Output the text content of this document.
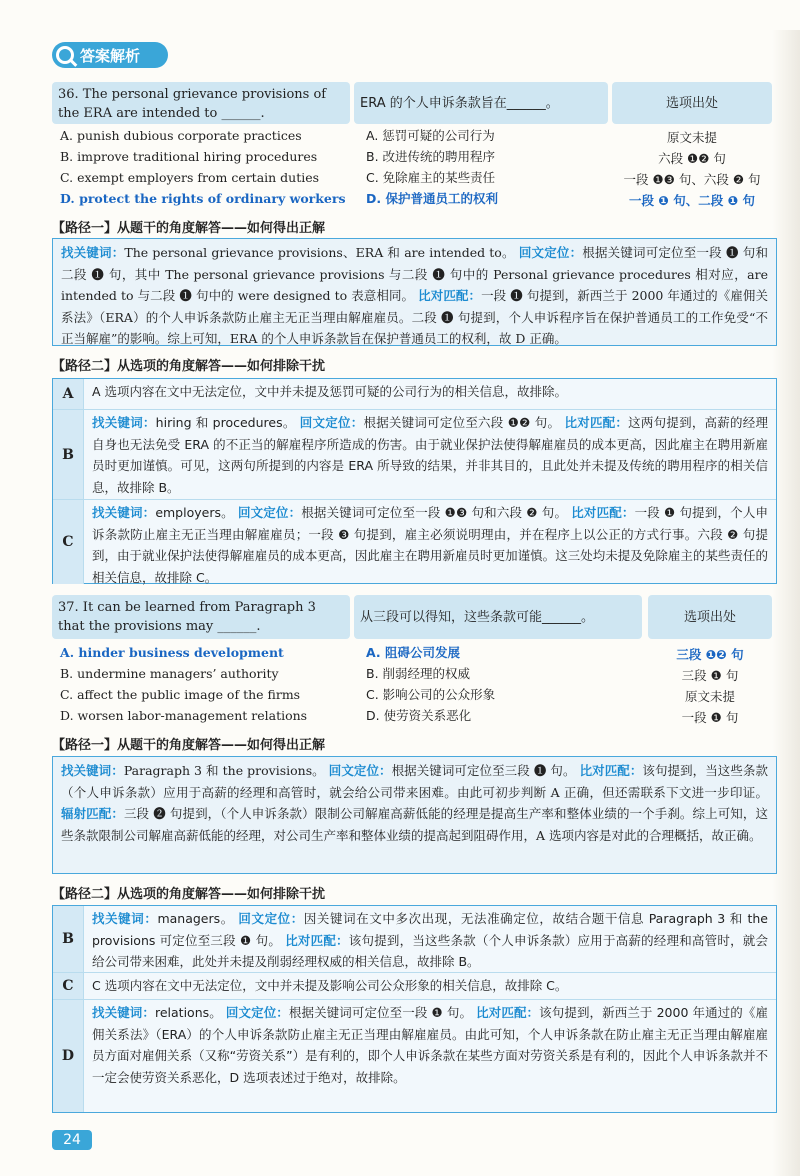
答案解析
36. The personal grievance provisions of the ERA are intended to ______.
ERA 的个人申诉条款旨在______。	选项出处
A. punish dubious corporate practices	A. 惩罚可疑的公司行为	原文未提
B. improve traditional hiring procedures	B. 改进传统的聘用程序	六段 ❶❷ 句
C. exempt employers from certain duties	C. 免除雇主的某些责任	一段 ❶❸ 句、六段 ❷ 句
D. protect the rights of ordinary workers D. 保护普通员工的权利	一段 ❶ 句、二段 ❶ 句
【路径一】从题干的角度解答——如何得出正解
找关键词：The personal grievance provisions、ERA 和 are intended to。 回文定位：根据关键词可定位至一段 ❶ 句和二段 ❶ 句，其中 The personal grievance provisions 与二段 ❶ 句中的 Personal grievance procedures 相对应，are intended to 与二段 ❶ 句中的 were designed to 表意相同。 比对匹配：一段 ❶ 句提到，新西兰于 2000 年通过的《雇佣关系法》（ERA）的个人申诉条款防止雇主无正当理由解雇雇员。二段 ❶ 句提到，个人申诉程序旨在保护普通员工的工作免受“不正当解雇”的影响。综上可知，ERA 的个人申诉条款旨在保护普通员工的权利，故 D 正确。
【路径二】从选项的角度解答——如何排除干扰
A	A 选项内容在文中无法定位，文中并未提及惩罚可疑的公司行为的相关信息，故排除。
B
找关键词：hiring 和 procedures。 回文定位：根据关键词可定位至六段 ❶❷ 句。 比对匹配：这两句提到，高薪的经理自身也无法免受 ERA 的不正当的解雇程序所造成的伤害。由于就业保护法使得解雇雇员的成本更高，因此雇主在聘用新雇员时更加谨慎。可见，这两句所提到的内容是 ERA 所导致的结果，并非其目的，且此处并未提及传统的聘用程序的相关信息，故排除 B。
C
找关键词：employers。 回文定位：根据关键词可定位至一段 ❶❸ 句和六段 ❷ 句。 比对匹配：一段 ❶ 句提到，个人申诉条款防止雇主无正当理由解雇雇员；一段 ❸ 句提到，雇主必须说明理由，并在程序上以公正的方式行事。六段 ❷ 句提到，由于就业保护法使得解雇雇员的成本更高，因此雇主在聘用新雇员时更加谨慎。这三处均未提及免除雇主的某些责任的相关信息，故排除 C。
37. It can be learned from Paragraph 3 that the provisions may ______.
从三段可以得知，这些条款可能______。	选项出处
A. hinder business development	A. 阻碍公司发展	三段 ❶❷ 句
B. undermine managers’ authority	B. 削弱经理的权威	三段 ❶ 句
C. affect the public image of the firms	C. 影响公司的公众形象	原文未提
D. worsen labor-management relations	D. 使劳资关系恶化	一段 ❶ 句
【路径一】从题干的角度解答——如何得出正解
找关键词：Paragraph 3 和 the provisions。 回文定位：根据关键词可定位至三段 ❶ 句。 比对匹配：该句提到，当这些条款（个人申诉条款）应用于高薪的经理和高管时，就会给公司带来困难。由此可初步判断 A 正确，但还需联系下文进一步印证。 辐射匹配：三段 ❷ 句提到，（个人申诉条款）限制公司解雇高薪低能的经理是提高生产率和整体业绩的一个手刹。综上可知，这些条款限制公司解雇高薪低能的经理，对公司生产率和整体业绩的提高起到阻碍作用，A 选项内容是对此的合理概括，故正确。
【路径二】从选项的角度解答——如何排除干扰
B
找关键词：managers。 回文定位：因关键词在文中多次出现，无法准确定位，故结合题干信息 Paragraph 3 和 the provisions 可定位至三段 ❶ 句。 比对匹配：该句提到，当这些条款（个人申诉条款）应用于高薪的经理和高管时，就会给公司带来困难，此处并未提及削弱经理权威的相关信息，故排除 B。
C	C 选项内容在文中无法定位，文中并未提及影响公司公众形象的相关信息，故排除 C。
D
找关键词：relations。 回文定位：根据关键词可定位至一段 ❶ 句。 比对匹配：该句提到，新西兰于 2000 年通过的《雇佣关系法》（ERA）的个人申诉条款防止雇主无正当理由解雇雇员。由此可知，个人申诉条款在防止雇主无正当理由解雇雇员方面对雇佣关系（又称“劳资关系”）是有利的，即个人申诉条款在某些方面对劳资关系是有利的，因此个人申诉条款并不一定会使劳资关系恶化，D 选项表述过于绝对，故排除。
24
